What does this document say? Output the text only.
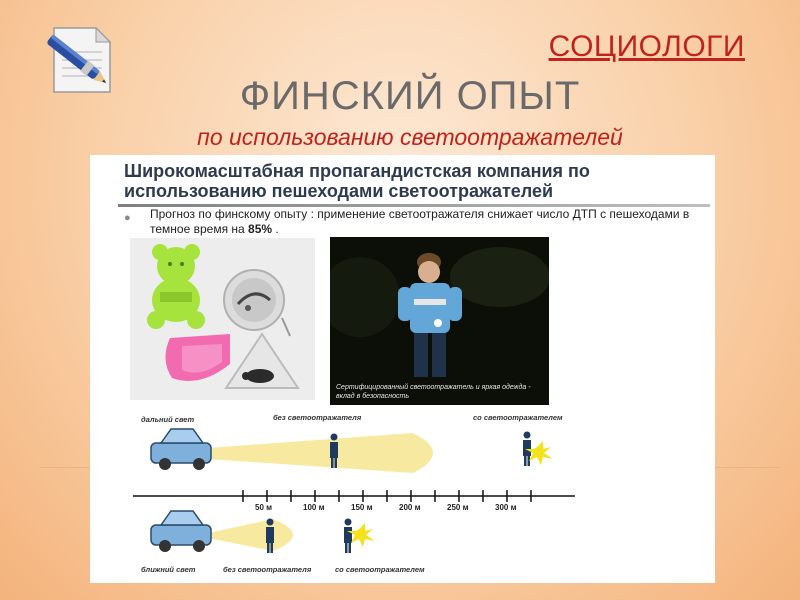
СОЦИОЛОГИ
ФИНСКИЙ ОПЫТ
по использованию светоотражателей
Широкомасштабная пропагандистская компания по использованию пешеходами светоотражателей
● Прогноз по финскому опыту : применение светоотражателя снижает число ДТП с пешеходами в темное время на 85% .
Сертифицированный светоотражатель и яркая одежда - вклад в безопасность
дальний свет	без светоотражателя	со светоотражателем
ближний свет	без светоотражателя	со светоотражателем
50 м	100 м	150 м	200 м	250 м	300 м
